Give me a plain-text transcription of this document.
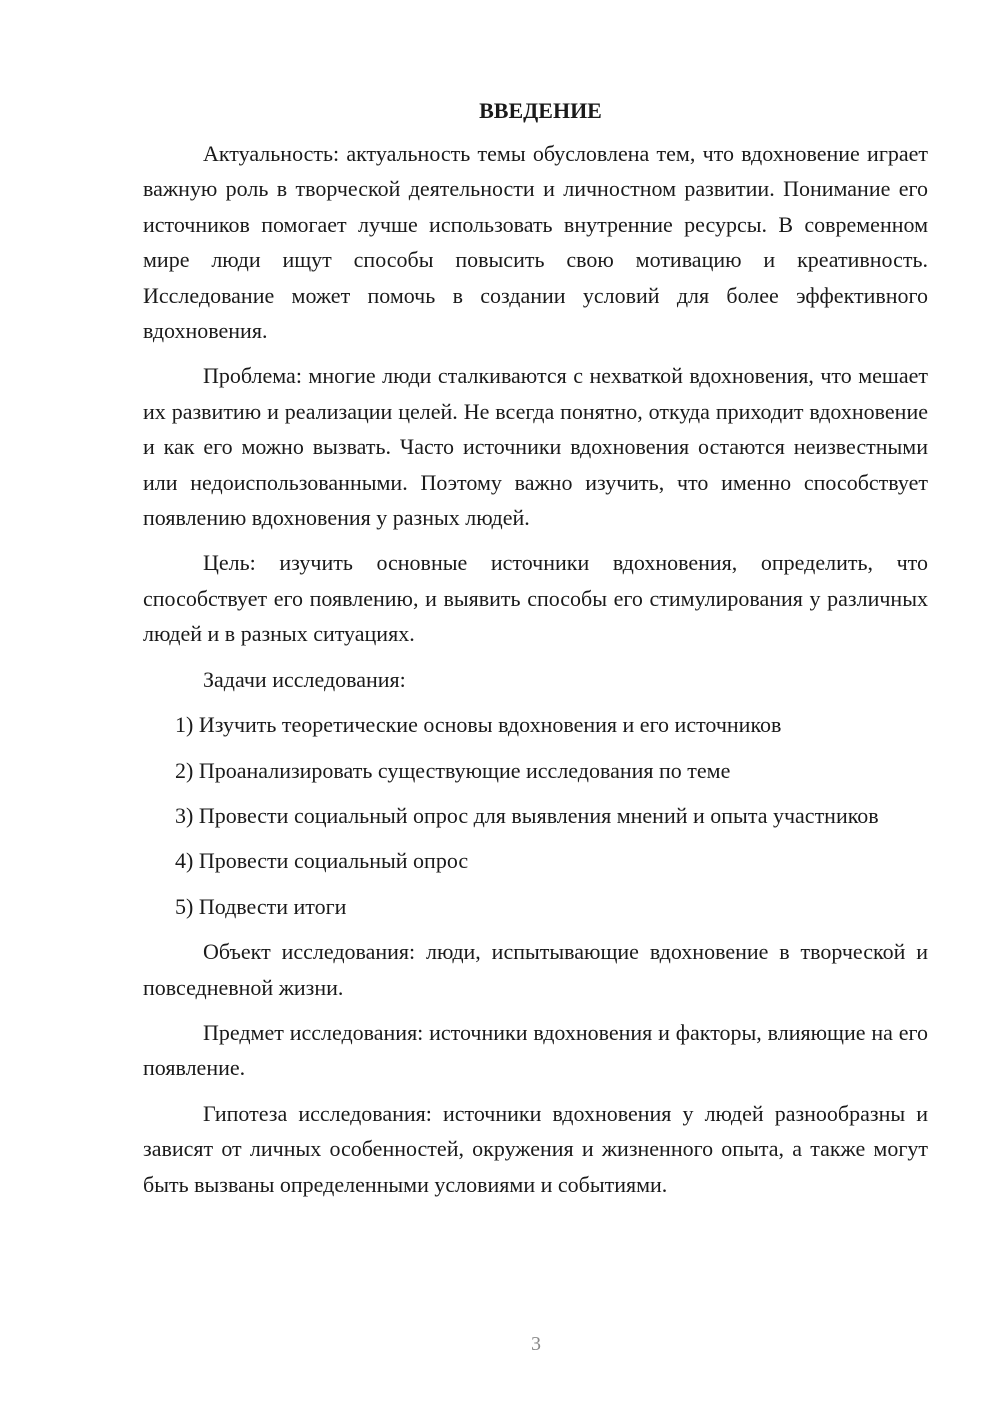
ВВЕДЕНИЕ

Актуальность: актуальность темы обусловлена тем, что вдохновение играет важную роль в творческой деятельности и личностном развитии. Понимание его источников помогает лучше использовать внутренние ресурсы. В современном мире люди ищут способы повысить свою мотивацию и креативность. Исследование может помочь в создании условий для более эффективного вдохновения.

Проблема: многие люди сталкиваются с нехваткой вдохновения, что мешает их развитию и реализации целей. Не всегда понятно, откуда приходит вдохновение и как его можно вызвать. Часто источники вдохновения остаются неизвестными или недоиспользованными. Поэтому важно изучить, что именно способствует появлению вдохновения у разных людей.

Цель: изучить основные источники вдохновения, определить, что способствует его появлению, и выявить способы его стимулирования у различных людей и в разных ситуациях.

Задачи исследования:

1) Изучить теоретические основы вдохновения и его источников

2) Проанализировать существующие исследования по теме

3) Провести социальный опрос для выявления мнений и опыта участников

4) Провести социальный опрос

5) Подвести итоги

Объект исследования: люди, испытывающие вдохновение в творческой и повседневной жизни.

Предмет исследования: источники вдохновения и факторы, влияющие на его появление.

Гипотеза исследования: источники вдохновения у людей разнообразны и зависят от личных особенностей, окружения и жизненного опыта, а также могут быть вызваны определенными условиями и событиями.

3
